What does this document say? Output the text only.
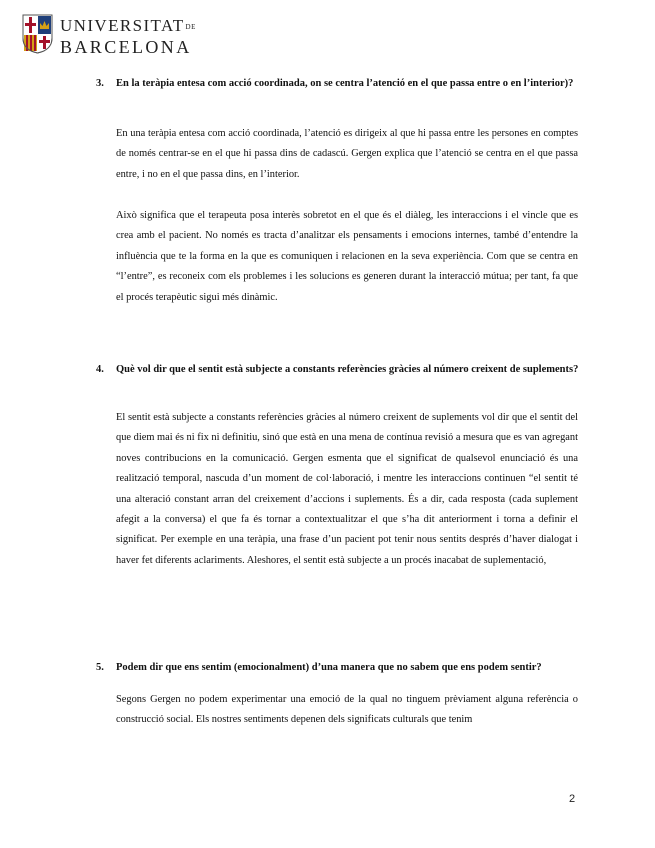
UNIVERSITATDE
BARCELONA
3. En la teràpia entesa com acció coordinada, on se centra l’atenció en el que passa entre o en l’interior)?
En una teràpia entesa com acció coordinada, l’atenció es dirigeix al que hi passa entre les persones en comptes de només centrar-se en el que hi passa dins de cadascú. Gergen explica que l’atenció se centra en el que passa entre, i no en el que passa dins, en l’interior.
Això significa que el terapeuta posa interès sobretot en el que és el diàleg, les interaccions i el vincle que es crea amb el pacient. No només es tracta d’analitzar els pensaments i emocions internes, també d’entendre la influència que te la forma en la que es comuniquen i relacionen en la seva experiència. Com que se centra en “l’entre”, es reconeix com els problemes i les solucions es generen durant la interacció mútua; per tant, fa que el procés terapèutic sigui més dinàmic.
4. Què vol dir que el sentit està subjecte a constants referències gràcies al número creixent de suplements?
El sentit està subjecte a constants referències gràcies al número creixent de suplements vol dir que el sentit del que diem mai és ni fix ni definitiu, sinó que està en una mena de contínua revisió a mesura que es van agregant noves contribucions en la comunicació. Gergen esmenta que el significat de qualsevol enunciació és una realització temporal, nascuda d’un moment de col·laboració, i mentre les interaccions continuen “el sentit té una alteració constant arran del creixement d’accions i suplements. És a dir, cada resposta (cada suplement afegit a la conversa) el que fa és tornar a contextualitzar el que s’ha dit anteriorment i torna a definir el significat. Per exemple en una teràpia, una frase d’un pacient pot tenir nous sentits després d’haver dialogat i haver fet diferents aclariments. Aleshores, el sentit està subjecte a un procés inacabat de suplementació,
5. Podem dir que ens sentim (emocionalment) d’una manera que no sabem que ens podem sentir?
Segons Gergen no podem experimentar una emoció de la qual no tinguem prèviament alguna referència o construcció social. Els nostres sentiments depenen dels significats culturals que tenim
2
